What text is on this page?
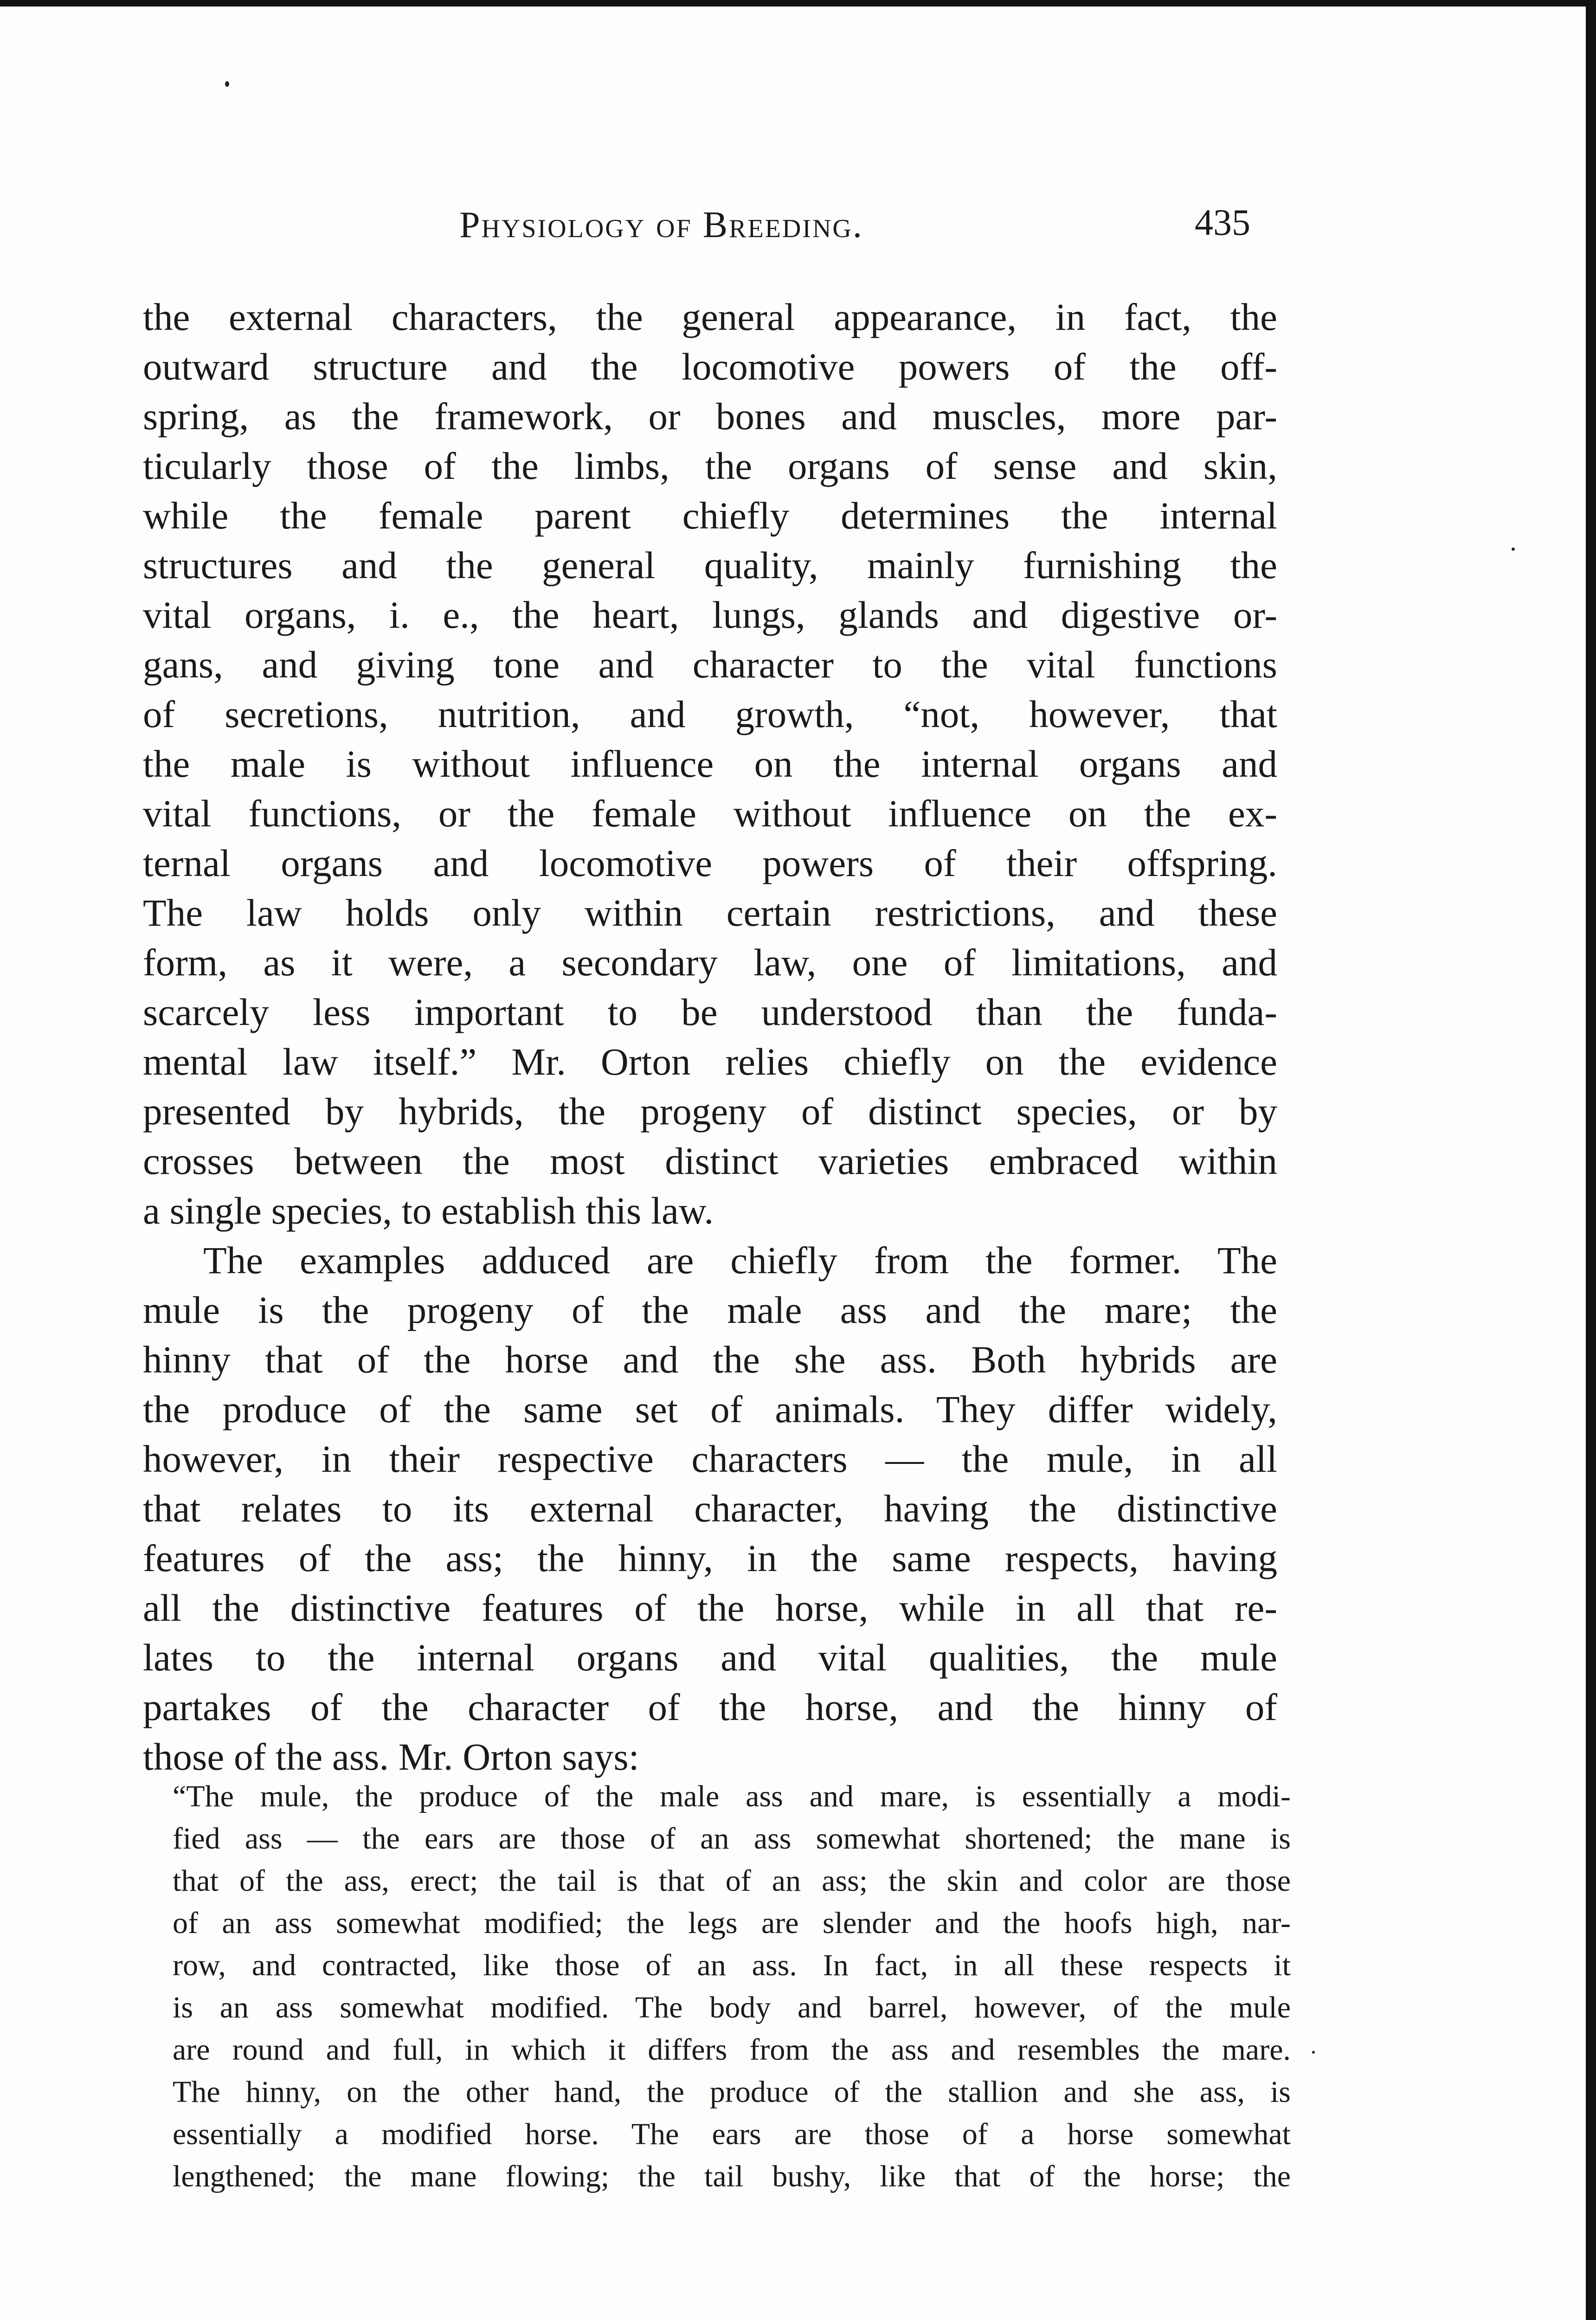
Physiology of Breeding.	435
the external characters, the general appearance, in fact, the
outward structure and the locomotive powers of the off-
spring, as the framework, or bones and muscles, more par-
ticularly those of the limbs, the organs of sense and skin,
while the female parent chiefly determines the internal
structures and the general quality, mainly furnishing the
vital organs, i. e., the heart, lungs, glands and digestive or-
gans, and giving tone and character to the vital functions
of secretions, nutrition, and growth, “not, however, that
the male is without influence on the internal organs and
vital functions, or the female without influence on the ex-
ternal organs and locomotive powers of their offspring.
The law holds only within certain restrictions, and these
form, as it were, a secondary law, one of limitations, and
scarcely less important to be understood than the funda-
mental law itself.” Mr. Orton relies chiefly on the evidence
presented by hybrids, the progeny of distinct species, or by
crosses between the most distinct varieties embraced within
a single species, to establish this law.
The examples adduced are chiefly from the former. The
mule is the progeny of the male ass and the mare; the
hinny that of the horse and the she ass. Both hybrids are
the produce of the same set of animals. They differ widely,
however, in their respective characters — the mule, in all
that relates to its external character, having the distinctive
features of the ass; the hinny, in the same respects, having
all the distinctive features of the horse, while in all that re-
lates to the internal organs and vital qualities, the mule
partakes of the character of the horse, and the hinny of
those of the ass. Mr. Orton says:
“The mule, the produce of the male ass and mare, is essentially a modi-
fied ass — the ears are those of an ass somewhat shortened; the mane is
that of the ass, erect; the tail is that of an ass; the skin and color are those
of an ass somewhat modified; the legs are slender and the hoofs high, nar-
row, and contracted, like those of an ass. In fact, in all these respects it
is an ass somewhat modified. The body and barrel, however, of the mule
are round and full, in which it differs from the ass and resembles the mare.
The hinny, on the other hand, the produce of the stallion and she ass, is
essentially a modified horse. The ears are those of a horse somewhat
lengthened; the mane flowing; the tail bushy, like that of the horse; the
